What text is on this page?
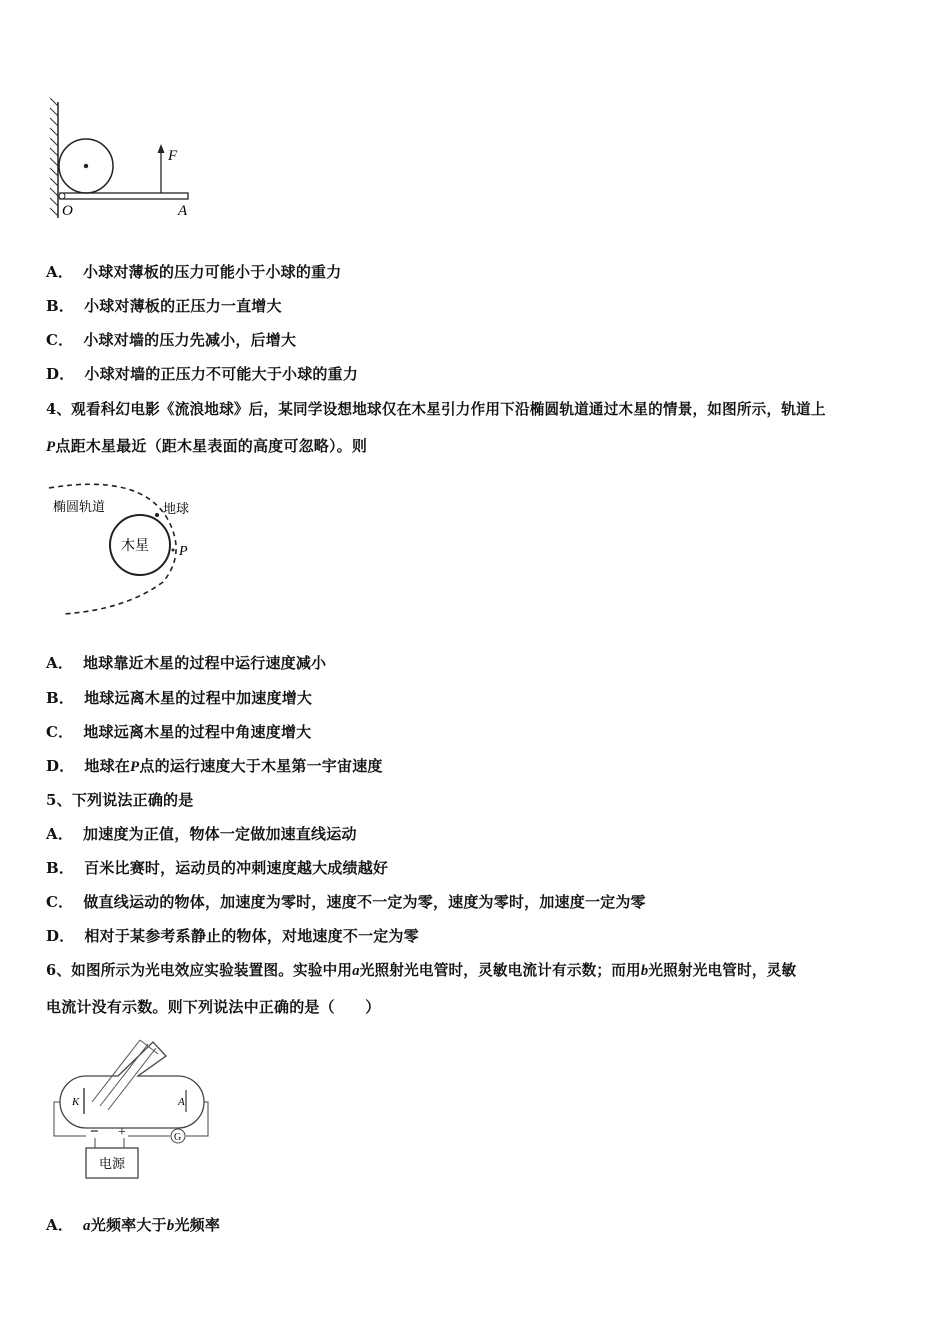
F
O	A
A． 小球对薄板的压力可能小于小球的重力
B． 小球对薄板的正压力一直增大
C． 小球对墙的压力先减小，后增大
D． 小球对墙的正压力不可能大于小球的重力
4、观看科幻电影《流浪地球》后，某同学设想地球仅在木星引力作用下沿椭圆轨道通过木星的情景，如图所示，轨道上
P点距木星最近（距木星表面的高度可忽略）。则
木星
椭圆轨道	地球
P
A． 地球靠近木星的过程中运行速度减小
B． 地球远离木星的过程中加速度增大
C． 地球远离木星的过程中角速度增大
D． 地球在P点的运行速度大于木星第一宇宙速度
5、下列说法正确的是
A． 加速度为正值，物体一定做加速直线运动
B． 百米比赛时，运动员的冲刺速度越大成绩越好
C． 做直线运动的物体，加速度为零时，速度不一定为零，速度为零时，加速度一定为零
D． 相对于某参考系静止的物体，对地速度不一定为零
6、如图所示为光电效应实验装置图。实验中用a光照射光电管时，灵敏电流计有示数；而用b光照射光电管时，灵敏
电流计没有示数。则下列说法中正确的是（　　）
K	A
− +	G
电源
A． a光频率大于b光频率
